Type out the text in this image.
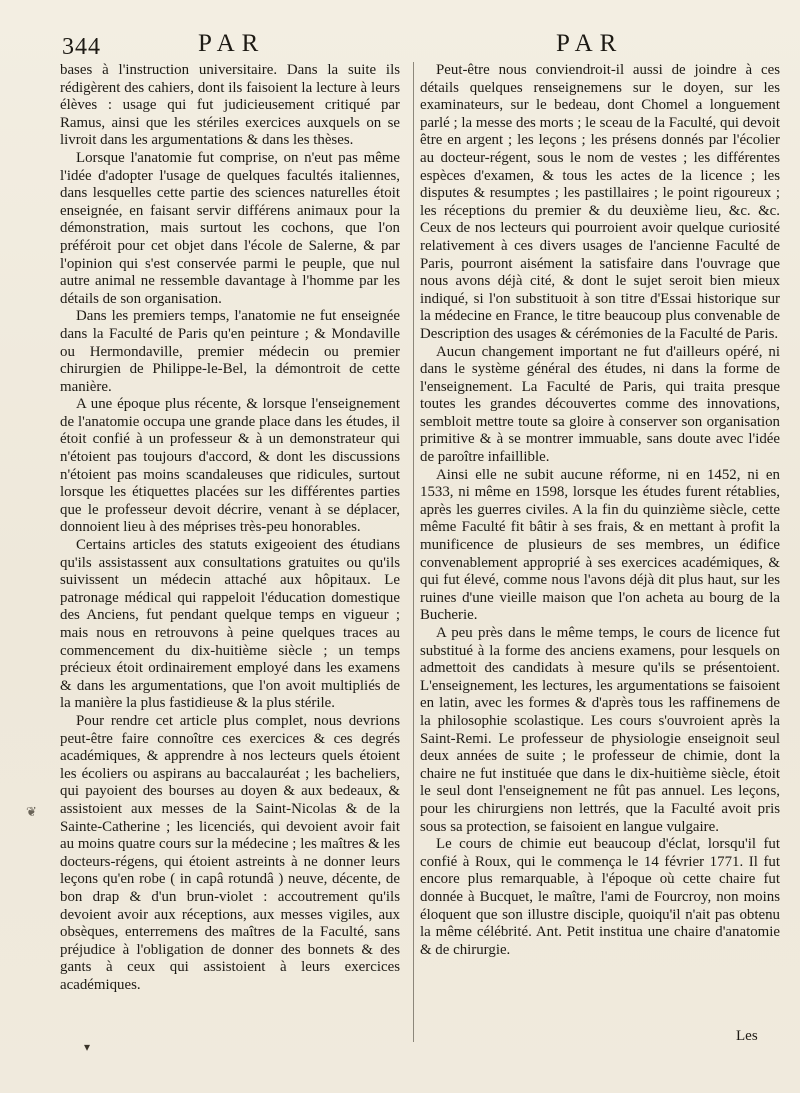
344	PAR	PAR

bases à l'instruction universitaire. Dans la suite ils rédigèrent des cahiers, dont ils faisoient la lecture à leurs élèves : usage qui fut judicieusement critiqué par Ramus, ainsi que les stériles exercices auxquels on se livroit dans les argumentations & dans les thèses.

Lorsque l'anatomie fut comprise, on n'eut pas même l'idée d'adopter l'usage de quelques facultés italiennes, dans lesquelles cette partie des sciences naturelles étoit enseignée, en faisant servir différens animaux pour la démonstration, mais surtout les cochons, que l'on préféroit pour cet objet dans l'école de Salerne, & par l'opinion qui s'est conservée parmi le peuple, que nul autre animal ne ressemble davantage à l'homme par les détails de son organisation.

Dans les premiers temps, l'anatomie ne fut enseignée dans la Faculté de Paris qu'en peinture ; & Mondaville ou Hermondaville, premier médecin ou premier chirurgien de Philippe-le-Bel, la démontroit de cette manière.

A une époque plus récente, & lorsque l'enseignement de l'anatomie occupa une grande place dans les études, il étoit confié à un professeur & à un demonstrateur qui n'étoient pas toujours d'accord, & dont les discussions n'étoient pas moins scandaleuses que ridicules, surtout lorsque les étiquettes placées sur les différentes parties que le professeur devoit décrire, venant à se déplacer, donnoient lieu à des méprises très-peu honorables.

Certains articles des statuts exigeoient des étudians qu'ils assistassent aux consultations gratuites ou qu'ils suivissent un médecin attaché aux hôpitaux. Le patronage médical qui rappeloit l'éducation domestique des Anciens, fut pendant quelque temps en vigueur ; mais nous en retrouvons à peine quelques traces au commencement du dix-huitième siècle ; un temps précieux étoit ordinairement employé dans les examens & dans les argumentations, que l'on avoit multipliés de la manière la plus fastidieuse & la plus stérile.

Pour rendre cet article plus complet, nous devrions peut-être faire connoître ces exercices & ces degrés académiques, & apprendre à nos lecteurs quels étoient les écoliers ou aspirans au baccalauréat ; les bacheliers, qui payoient des bourses au doyen & aux bedeaux, & assistoient aux messes de la Saint-Nicolas & de la Sainte-Catherine ; les licenciés, qui devoient avoir fait au moins quatre cours sur la médecine ; les maîtres & les docteurs-régens, qui étoient astreints à ne donner leurs leçons qu'en robe ( in capâ rotundâ ) neuve, décente, de bon drap & d'un brun-violet : accoutrement qu'ils devoient avoir aux réceptions, aux messes vigiles, aux obsèques, enterremens des maîtres de la Faculté, sans préjudice à l'obligation de donner des bonnets & des gants à ceux qui assistoient à leurs exercices académiques.

Peut-être nous conviendroit-il aussi de joindre à ces détails quelques renseignemens sur le doyen, sur les examinateurs, sur le bedeau, dont Chomel a longuement parlé ; la messe des morts ; le sceau de la Faculté, qui devoit être en argent ; les leçons ; les présens donnés par l'écolier au docteur-régent, sous le nom de vestes ; les différentes espèces d'examen, & tous les actes de la licence ; les disputes & resumptes ; les pastillaires ; le point rigoureux ; les réceptions du premier & du deuxième lieu, &c. &c. Ceux de nos lecteurs qui pourroient avoir quelque curiosité relativement à ces divers usages de l'ancienne Faculté de Paris, pourront aisément la satisfaire dans l'ouvrage que nous avons déjà cité, & dont le sujet seroit bien mieux indiqué, si l'on substituoit à son titre d'Essai historique sur la médecine en France, le titre beaucoup plus convenable de Description des usages & cérémonies de la Faculté de Paris.

Aucun changement important ne fut d'ailleurs opéré, ni dans le système général des études, ni dans la forme de l'enseignement. La Faculté de Paris, qui traita presque toutes les grandes découvertes comme des innovations, sembloit mettre toute sa gloire à conserver son organisation primitive & à se montrer immuable, sans doute avec l'idée de paroître infaillible.

Ainsi elle ne subit aucune réforme, ni en 1452, ni en 1533, ni même en 1598, lorsque les études furent rétablies, après les guerres civiles. A la fin du quinzième siècle, cette même Faculté fit bâtir à ses frais, & en mettant à profit la munificence de plusieurs de ses membres, un édifice convenablement approprié à ses exercices académiques, & qui fut élevé, comme nous l'avons déjà dit plus haut, sur les ruines d'une vieille maison que l'on acheta au bourg de la Bucherie.

A peu près dans le même temps, le cours de licence fut substitué à la forme des anciens examens, pour lesquels on admettoit des candidats à mesure qu'ils se présentoient. L'enseignement, les lectures, les argumentations se faisoient en latin, avec les formes & d'après tous les raffinemens de la philosophie scolastique. Les cours s'ouvroient après la Saint-Remi. Le professeur de physiologie enseignoit seul deux années de suite ; le professeur de chimie, dont la chaire ne fut instituée que dans le dix-huitième siècle, étoit le seul dont l'enseignement ne fût pas annuel. Les leçons, pour les chirurgiens non lettrés, que la Faculté avoit pris sous sa protection, se faisoient en langue vulgaire.

Le cours de chimie eut beaucoup d'éclat, lorsqu'il fut confié à Roux, qui le commença le 14 février 1771. Il fut encore plus remarquable, à l'époque où cette chaire fut donnée à Bucquet, le maître, l'ami de Fourcroy, non moins éloquent que son illustre disciple, quoiqu'il n'ait pas obtenu la même célébrité. Ant. Petit institua une chaire d'anatomie & de chirurgie.

Les
❦
▾
